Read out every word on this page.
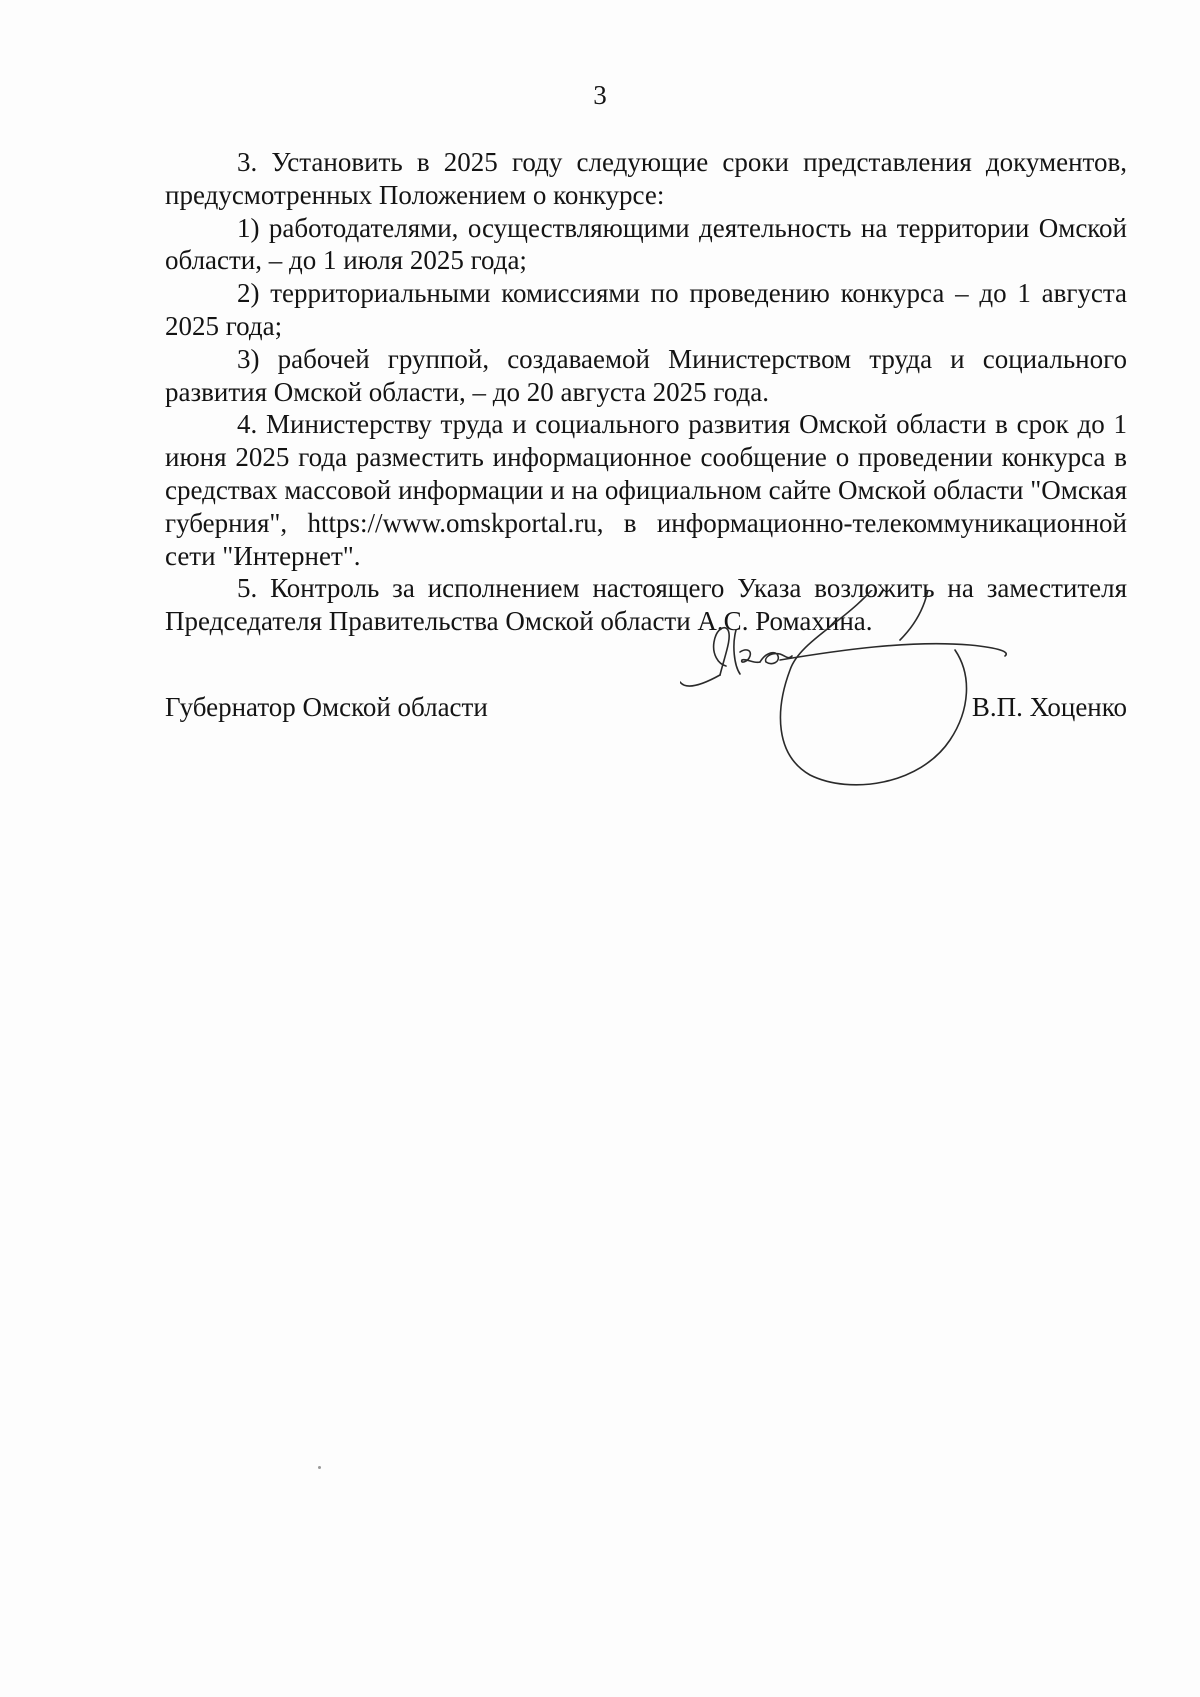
3

3. Установить в 2025 году следующие сроки представления документов, предусмотренных Положением о конкурсе:

1) работодателями, осуществляющими деятельность на территории Омской области, – до 1 июля 2025 года;

2) территориальными комиссиями по проведению конкурса – до 1 августа 2025 года;

3) рабочей группой, создаваемой Министерством труда и социального развития Омской области, – до 20 августа 2025 года.

4. Министерству труда и социального развития Омской области в срок до 1 июня 2025 года разместить информационное сообщение о проведении конкурса в средствах массовой информации и на официальном сайте Омской области "Омская губерния", https://www.omskportal.ru, в информационно-телекоммуникационной сети "Интернет".

5. Контроль за исполнением настоящего Указа возложить на заместителя Председателя Правительства Омской области А.С. Ромахина.

Губернатор Омской области	В.П. Хоценко
